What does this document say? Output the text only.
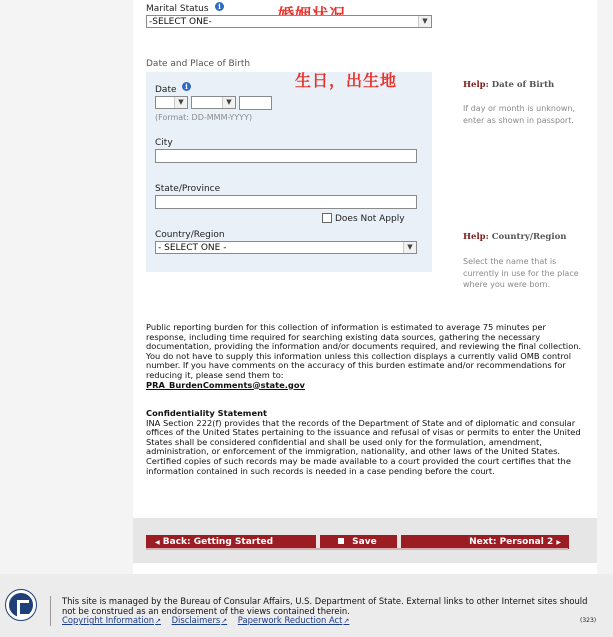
Marital Status	i
-SELECT ONE-	▼
Date and Place of Birth
生日，出生地
Date	i
▼	▼
(Format: DD-MMM-YYYY)
City
State/Province
Does Not Apply
Country/Region
- SELECT ONE -	▼
Help: Date of Birth
If day or month is unknown, enter as shown in passport.
Help: Country/Region
Select the name that is currently in use for the place where you were born.
Public reporting burden for this collection of information is estimated to average 75 minutes per response, including time required for searching existing data sources, gathering the necessary documentation, providing the information and/or documents required, and reviewing the final collection. You do not have to supply this information unless this collection displays a currently valid OMB control number. If you have comments on the accuracy of this burden estimate and/or recommendations for reducing it, please send them to:
PRA_BurdenComments@state.gov
Confidentiality Statement
INA Section 222(f) provides that the records of the Department of State and of diplomatic and consular offices of the United States pertaining to the issuance and refusal of visas or permits to enter the United States shall be considered confidential and shall be used only for the formulation, amendment, administration, or enforcement of the immigration, nationality, and other laws of the United States. Certified copies of such records may be made available to a court provided the court certifies that the information contained in such records is needed in a case pending before the court.
◀ Back: Getting Started	Save	Next: Personal 2 ▶
This site is managed by the Bureau of Consular Affairs, U.S. Department of State. External links to other Internet sites should not be construed as an endorsement of the views contained therein.
Copyright Information↗ Disclaimers↗ Paperwork Reduction Act↗	(323)
